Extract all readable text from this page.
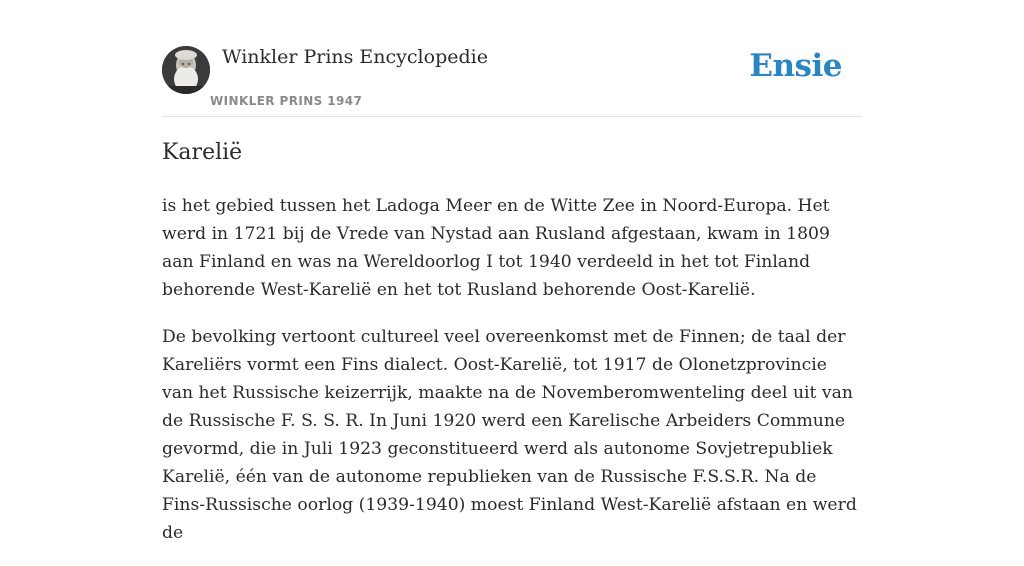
Winkler Prins Encyclopedie
WINKLER PRINS 1947
Ensie
Karelië

is het gebied tussen het Ladoga Meer en de Witte Zee in Noord-Europa. Het werd in 1721 bij de Vrede van Nystad aan Rusland afgestaan, kwam in 1809 aan Finland en was na Wereldoorlog I tot 1940 verdeeld in het tot Finland behorende West-Karelië en het tot Rusland behorende Oost-Karelië.

De bevolking vertoont cultureel veel overeenkomst met de Finnen; de taal der Kareliërs vormt een Fins dialect. Oost-Karelië, tot 1917 de Olonetzprovincie van het Russische keizerrijk, maakte na de Novemberomwenteling deel uit van de Russische F. S. S. R. In Juni 1920 werd een Karelische Arbeiders Commune gevormd, die in Juli 1923 geconstitueerd werd als autonome Sovjetrepubliek Karelië, één van de autonome republieken van de Russische F.S.S.R. Na de Fins-Russische oorlog (1939-1940) moest Finland West-Karelië afstaan en werd de
